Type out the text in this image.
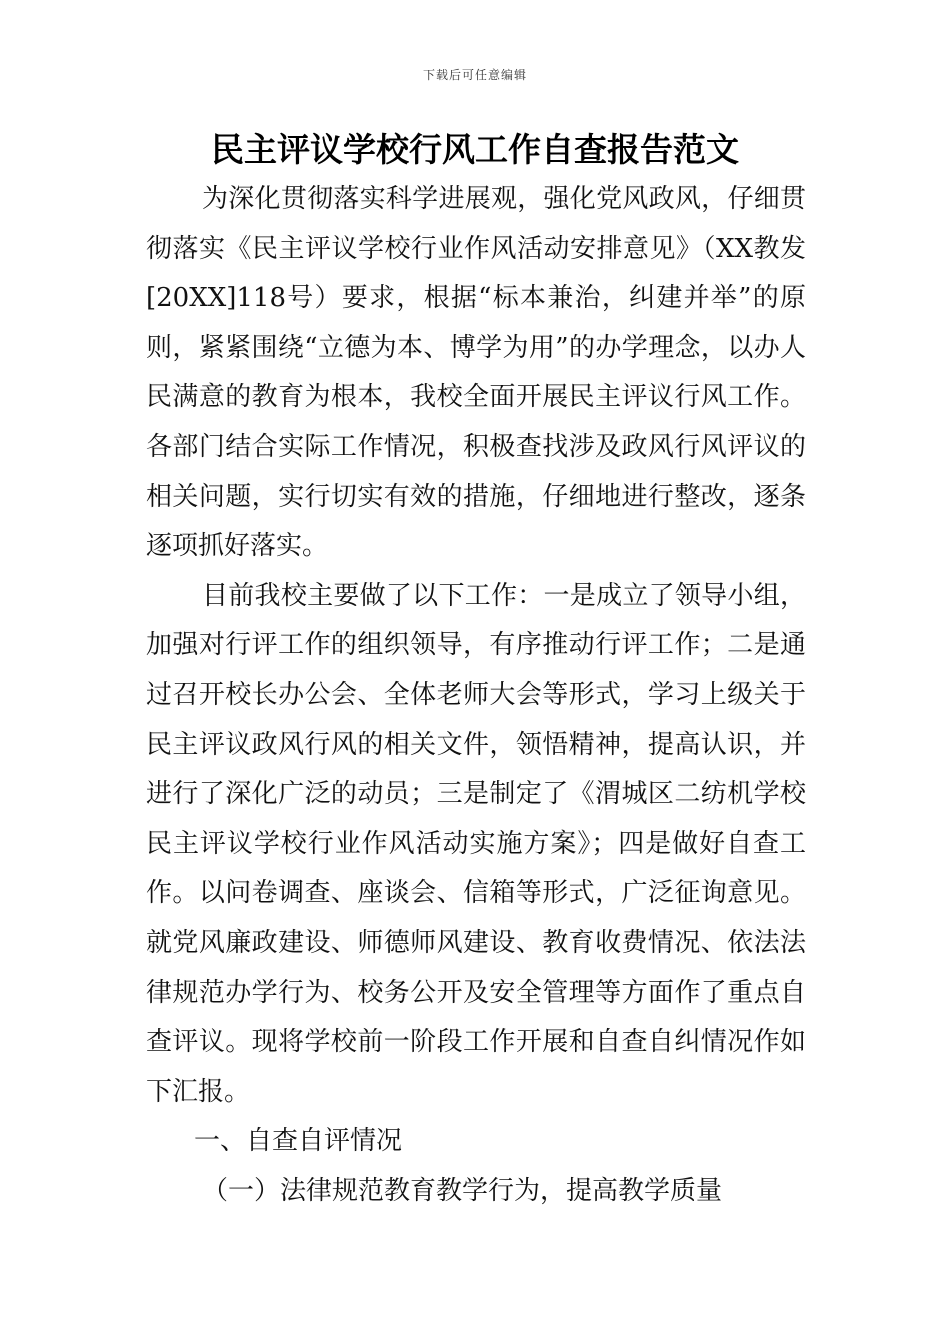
下载后可任意编辑
民主评议学校行风工作自查报告范文

为深化贯彻落实科学进展观，强化党风政风，仔细贯彻落实《民主评议学校行业作风活动安排意见》（XX教发[20XX]118号）要求，根据“标本兼治，纠建并举”的原则，紧紧围绕“立德为本、博学为用”的办学理念，以办人民满意的教育为根本，我校全面开展民主评议行风工作。各部门结合实际工作情况，积极查找涉及政风行风评议的相关问题，实行切实有效的措施，仔细地进行整改，逐条逐项抓好落实。

目前我校主要做了以下工作：一是成立了领导小组，加强对行评工作的组织领导，有序推动行评工作；二是通过召开校长办公会、全体老师大会等形式，学习上级关于民主评议政风行风的相关文件，领悟精神，提高认识，并进行了深化广泛的动员；三是制定了《渭城区二纺机学校民主评议学校行业作风活动实施方案》；四是做好自查工作。以问卷调查、座谈会、信箱等形式，广泛征询意见。就党风廉政建设、师德师风建设、教育收费情况、依法法律规范办学行为、校务公开及安全管理等方面作了重点自查评议。现将学校前一阶段工作开展和自查自纠情况作如下汇报。

一、自查自评情况

（一）法律规范教育教学行为，提高教学质量
